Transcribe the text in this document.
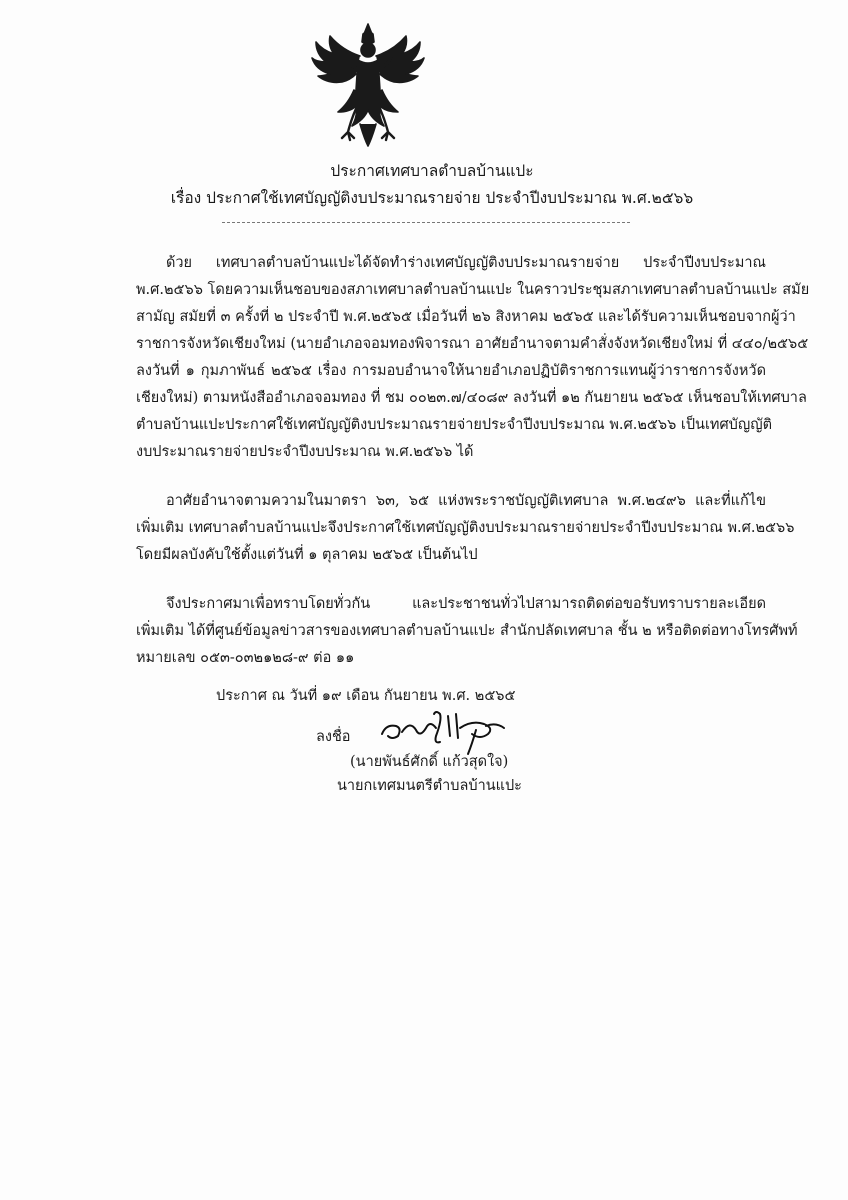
ประกาศเทศบาลตำบลบ้านแปะ
เรื่อง ประกาศใช้เทศบัญญัติงบประมาณรายจ่าย ประจำปีงบประมาณ พ.ศ.๒๕๖๖
ด้วย เทศบาลตำบลบ้านแปะได้จัดทำร่างเทศบัญญัติงบประมาณรายจ่าย ประจำปีงบประมาณ
พ.ศ.๒๕๖๖ โดยความเห็นชอบของสภาเทศบาลตำบลบ้านแปะ ในคราวประชุมสภาเทศบาลตำบลบ้านแปะ สมัย
สามัญ สมัยที่ ๓ ครั้งที่ ๒ ประจำปี พ.ศ.๒๕๖๕ เมื่อวันที่ ๒๖ สิงหาคม ๒๕๖๕ และได้รับความเห็นชอบจากผู้ว่า
ราชการจังหวัดเชียงใหม่ (นายอำเภอจอมทองพิจารณา อาศัยอำนาจตามคำสั่งจังหวัดเชียงใหม่ ที่ ๔๔๐/๒๕๖๕
ลงวันที่ ๑ กุมภาพันธ์ ๒๕๖๕ เรื่อง การมอบอำนาจให้นายอำเภอปฏิบัติราชการแทนผู้ว่าราชการจังหวัด
เชียงใหม่) ตามหนังสืออำเภอจอมทอง ที่ ชม ๐๐๒๓.๗/๔๐๘๙ ลงวันที่ ๑๒ กันยายน ๒๕๖๕ เห็นชอบให้เทศบาล
ตำบลบ้านแปะประกาศใช้เทศบัญญัติงบประมาณรายจ่ายประจำปีงบประมาณ พ.ศ.๒๕๖๖ เป็นเทศบัญญัติ
งบประมาณรายจ่ายประจำปีงบประมาณ พ.ศ.๒๕๖๖ ได้
อาศัยอำนาจตามความในมาตรา ๖๓, ๖๕ แห่งพระราชบัญญัติเทศบาล พ.ศ.๒๔๙๖ และที่แก้ไข
เพิ่มเติม เทศบาลตำบลบ้านแปะจึงประกาศใช้เทศบัญญัติงบประมาณรายจ่ายประจำปีงบประมาณ พ.ศ.๒๕๖๖
โดยมีผลบังคับใช้ตั้งแต่วันที่ ๑ ตุลาคม ๒๕๖๕ เป็นต้นไป
จึงประกาศมาเพื่อทราบโดยทั่วกัน และประชาชนทั่วไปสามารถติดต่อขอรับทราบรายละเอียด
เพิ่มเติม ได้ที่ศูนย์ข้อมูลข่าวสารของเทศบาลตำบลบ้านแปะ สำนักปลัดเทศบาล ชั้น ๒ หรือติดต่อทางโทรศัพท์
หมายเลข ๐๕๓-๐๓๒๑๒๘-๙ ต่อ ๑๑
ประกาศ ณ วันที่ ๑๙ เดือน กันยายน พ.ศ. ๒๕๖๕
ลงชื่อ
(นายพันธ์ศักดิ์ แก้วสุดใจ)
นายกเทศมนตรีตำบลบ้านแปะ
